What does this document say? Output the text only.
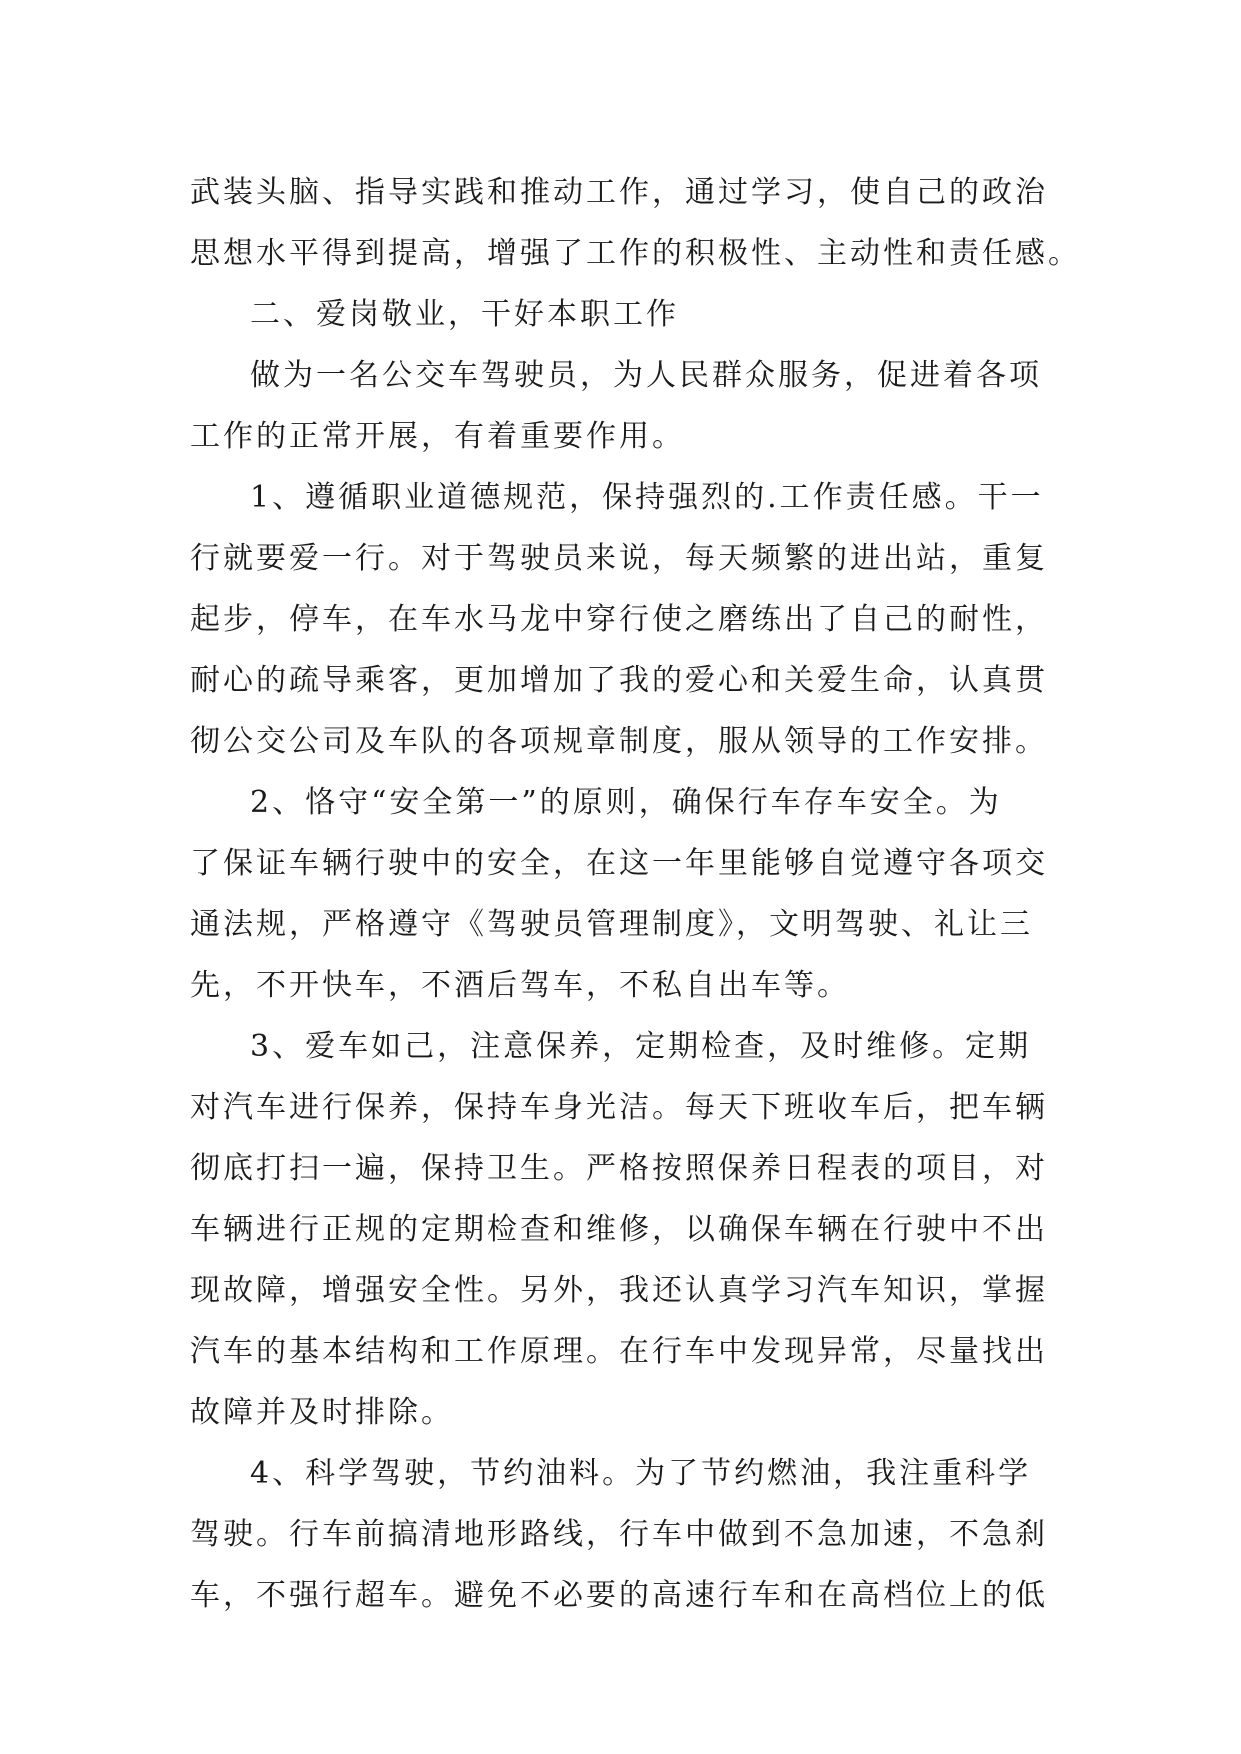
武装头脑、指导实践和推动工作，通过学习，使自己的政治
思想水平得到提高，增强了工作的积极性、主动性和责任感。
二、爱岗敬业，干好本职工作
做为一名公交车驾驶员，为人民群众服务，促进着各项
工作的正常开展，有着重要作用。
1、遵循职业道德规范，保持强烈的.工作责任感。干一
行就要爱一行。对于驾驶员来说，每天频繁的进出站，重复
起步，停车，在车水马龙中穿行使之磨练出了自己的耐性，
耐心的疏导乘客，更加增加了我的爱心和关爱生命，认真贯
彻公交公司及车队的各项规章制度，服从领导的工作安排。
2、恪守“安全第一”的原则，确保行车存车安全。为
了保证车辆行驶中的安全，在这一年里能够自觉遵守各项交
通法规，严格遵守《驾驶员管理制度》，文明驾驶、礼让三
先，不开快车，不酒后驾车，不私自出车等。
3、爱车如己，注意保养，定期检查，及时维修。定期
对汽车进行保养，保持车身光洁。每天下班收车后，把车辆
彻底打扫一遍，保持卫生。严格按照保养日程表的项目，对
车辆进行正规的定期检查和维修，以确保车辆在行驶中不出
现故障，增强安全性。另外，我还认真学习汽车知识，掌握
汽车的基本结构和工作原理。在行车中发现异常，尽量找出
故障并及时排除。
4、科学驾驶，节约油料。为了节约燃油，我注重科学
驾驶。行车前搞清地形路线，行车中做到不急加速，不急刹
车，不强行超车。避免不必要的高速行车和在高档位上的低
